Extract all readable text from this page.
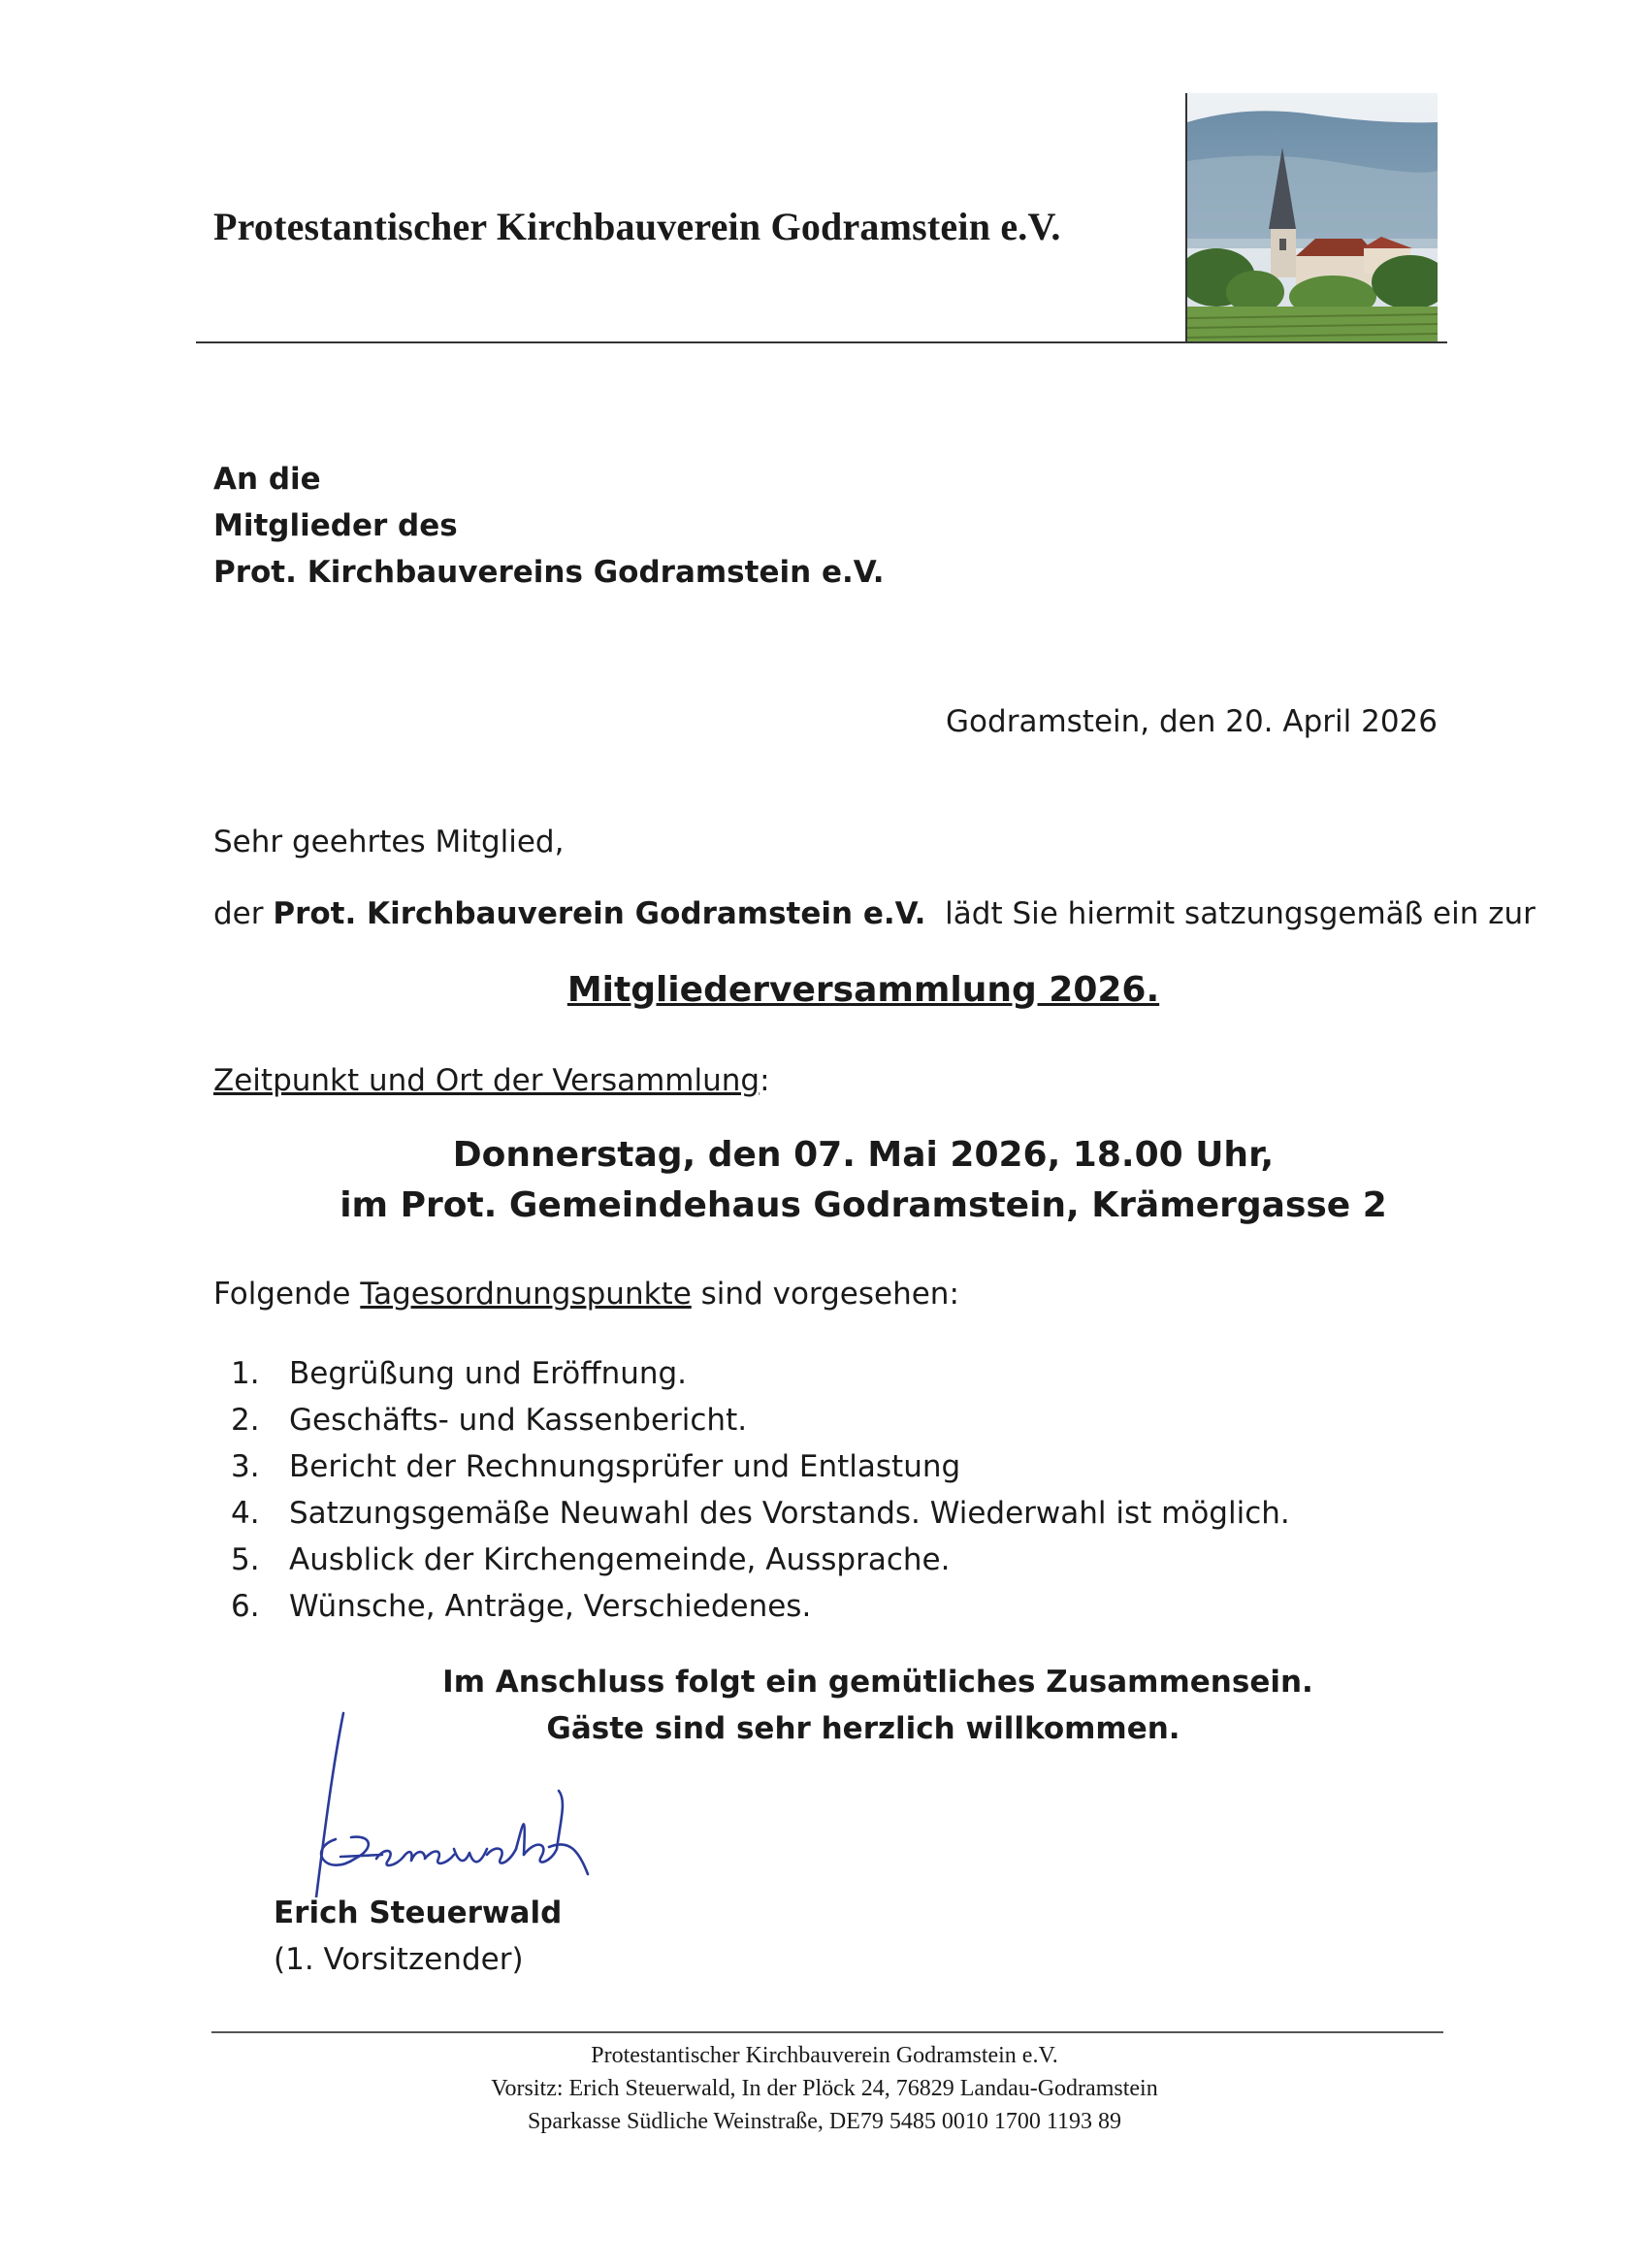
Protestantischer Kirchbauverein Godramstein e.V.
An die
Mitglieder des
Prot. Kirchbauvereins Godramstein e.V.
Godramstein, den 20. April 2026
Sehr geehrtes Mitglied,
der Prot. Kirchbauverein Godramstein e.V. lädt Sie hiermit satzungsgemäß ein zur
Mitgliederversammlung 2026.
Zeitpunkt und Ort der Versammlung:
Donnerstag, den 07. Mai 2026, 18.00 Uhr,
im Prot. Gemeindehaus Godramstein, Krämergasse 2
Folgende Tagesordnungspunkte sind vorgesehen:
1. Begrüßung und Eröffnung.
2. Geschäfts- und Kassenbericht.
3. Bericht der Rechnungsprüfer und Entlastung
4. Satzungsgemäße Neuwahl des Vorstands. Wiederwahl ist möglich.
5. Ausblick der Kirchengemeinde, Aussprache.
6. Wünsche, Anträge, Verschiedenes.
Im Anschluss folgt ein gemütliches Zusammensein.
Gäste sind sehr herzlich willkommen.
Erich Steuerwald
(1. Vorsitzender)
Protestantischer Kirchbauverein Godramstein e.V.
Vorsitz: Erich Steuerwald, In der Plöck 24, 76829 Landau-Godramstein
Sparkasse Südliche Weinstraße, DE79 5485 0010 1700 1193 89
